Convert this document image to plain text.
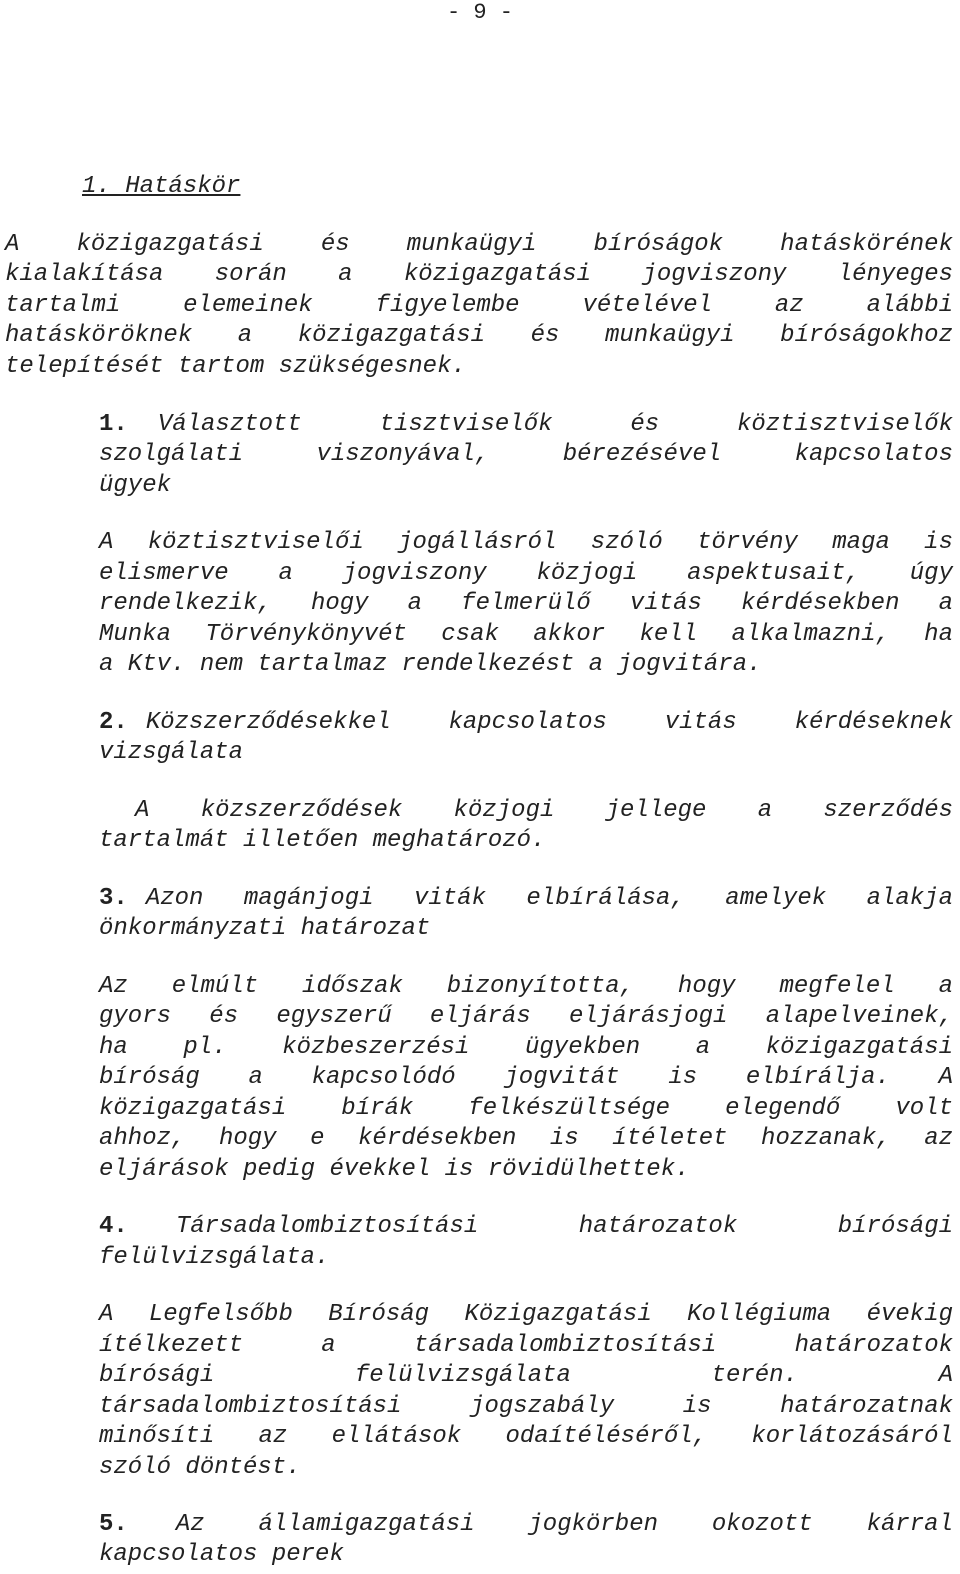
- 9 -
1. Hatáskör
A közigazgatási és munkaügyi bíróságok hatáskörének
kialakítása során a közigazgatási jogviszony lényeges
tartalmi elemeinek figyelembe vételével az alábbi
hatásköröknek a közigazgatási és munkaügyi bíróságokhoz
telepítését tartom szükségesnek.
1. Választott tisztviselők és köztisztviselők
szolgálati viszonyával, bérezésével kapcsolatos
ügyek
A köztisztviselői jogállásról szóló törvény maga is
elismerve a jogviszony közjogi aspektusait, úgy
rendelkezik, hogy a felmerülő vitás kérdésekben a
Munka Törvénykönyvét csak akkor kell alkalmazni, ha
a Ktv. nem tartalmaz rendelkezést a jogvitára.
2. Közszerződésekkel kapcsolatos vitás kérdéseknek
vizsgálata
A közszerződések közjogi jellege a szerződés
tartalmát illetően meghatározó.
3. Azon magánjogi viták elbírálása, amelyek alakja
önkormányzati határozat
Az elmúlt időszak bizonyította, hogy megfelel a
gyors és egyszerű eljárás eljárásjogi alapelveinek,
ha pl. közbeszerzési ügyekben a közigazgatási
bíróság a kapcsolódó jogvitát is elbírálja. A
közigazgatási bírák felkészültsége elegendő volt
ahhoz, hogy e kérdésekben is ítéletet hozzanak, az
eljárások pedig évekkel is rövidülhettek.
4. Társadalombiztosítási határozatok bírósági
felülvizsgálata.
A Legfelsőbb Bíróság Közigazgatási Kollégiuma évekig
ítélkezett a társadalombiztosítási határozatok
bírósági felülvizsgálata terén. A
társadalombiztosítási jogszabály is határozatnak
minősíti az ellátások odaítéléséről, korlátozásáról
szóló döntést.
5. Az államigazgatási jogkörben okozott kárral
kapcsolatos perek
